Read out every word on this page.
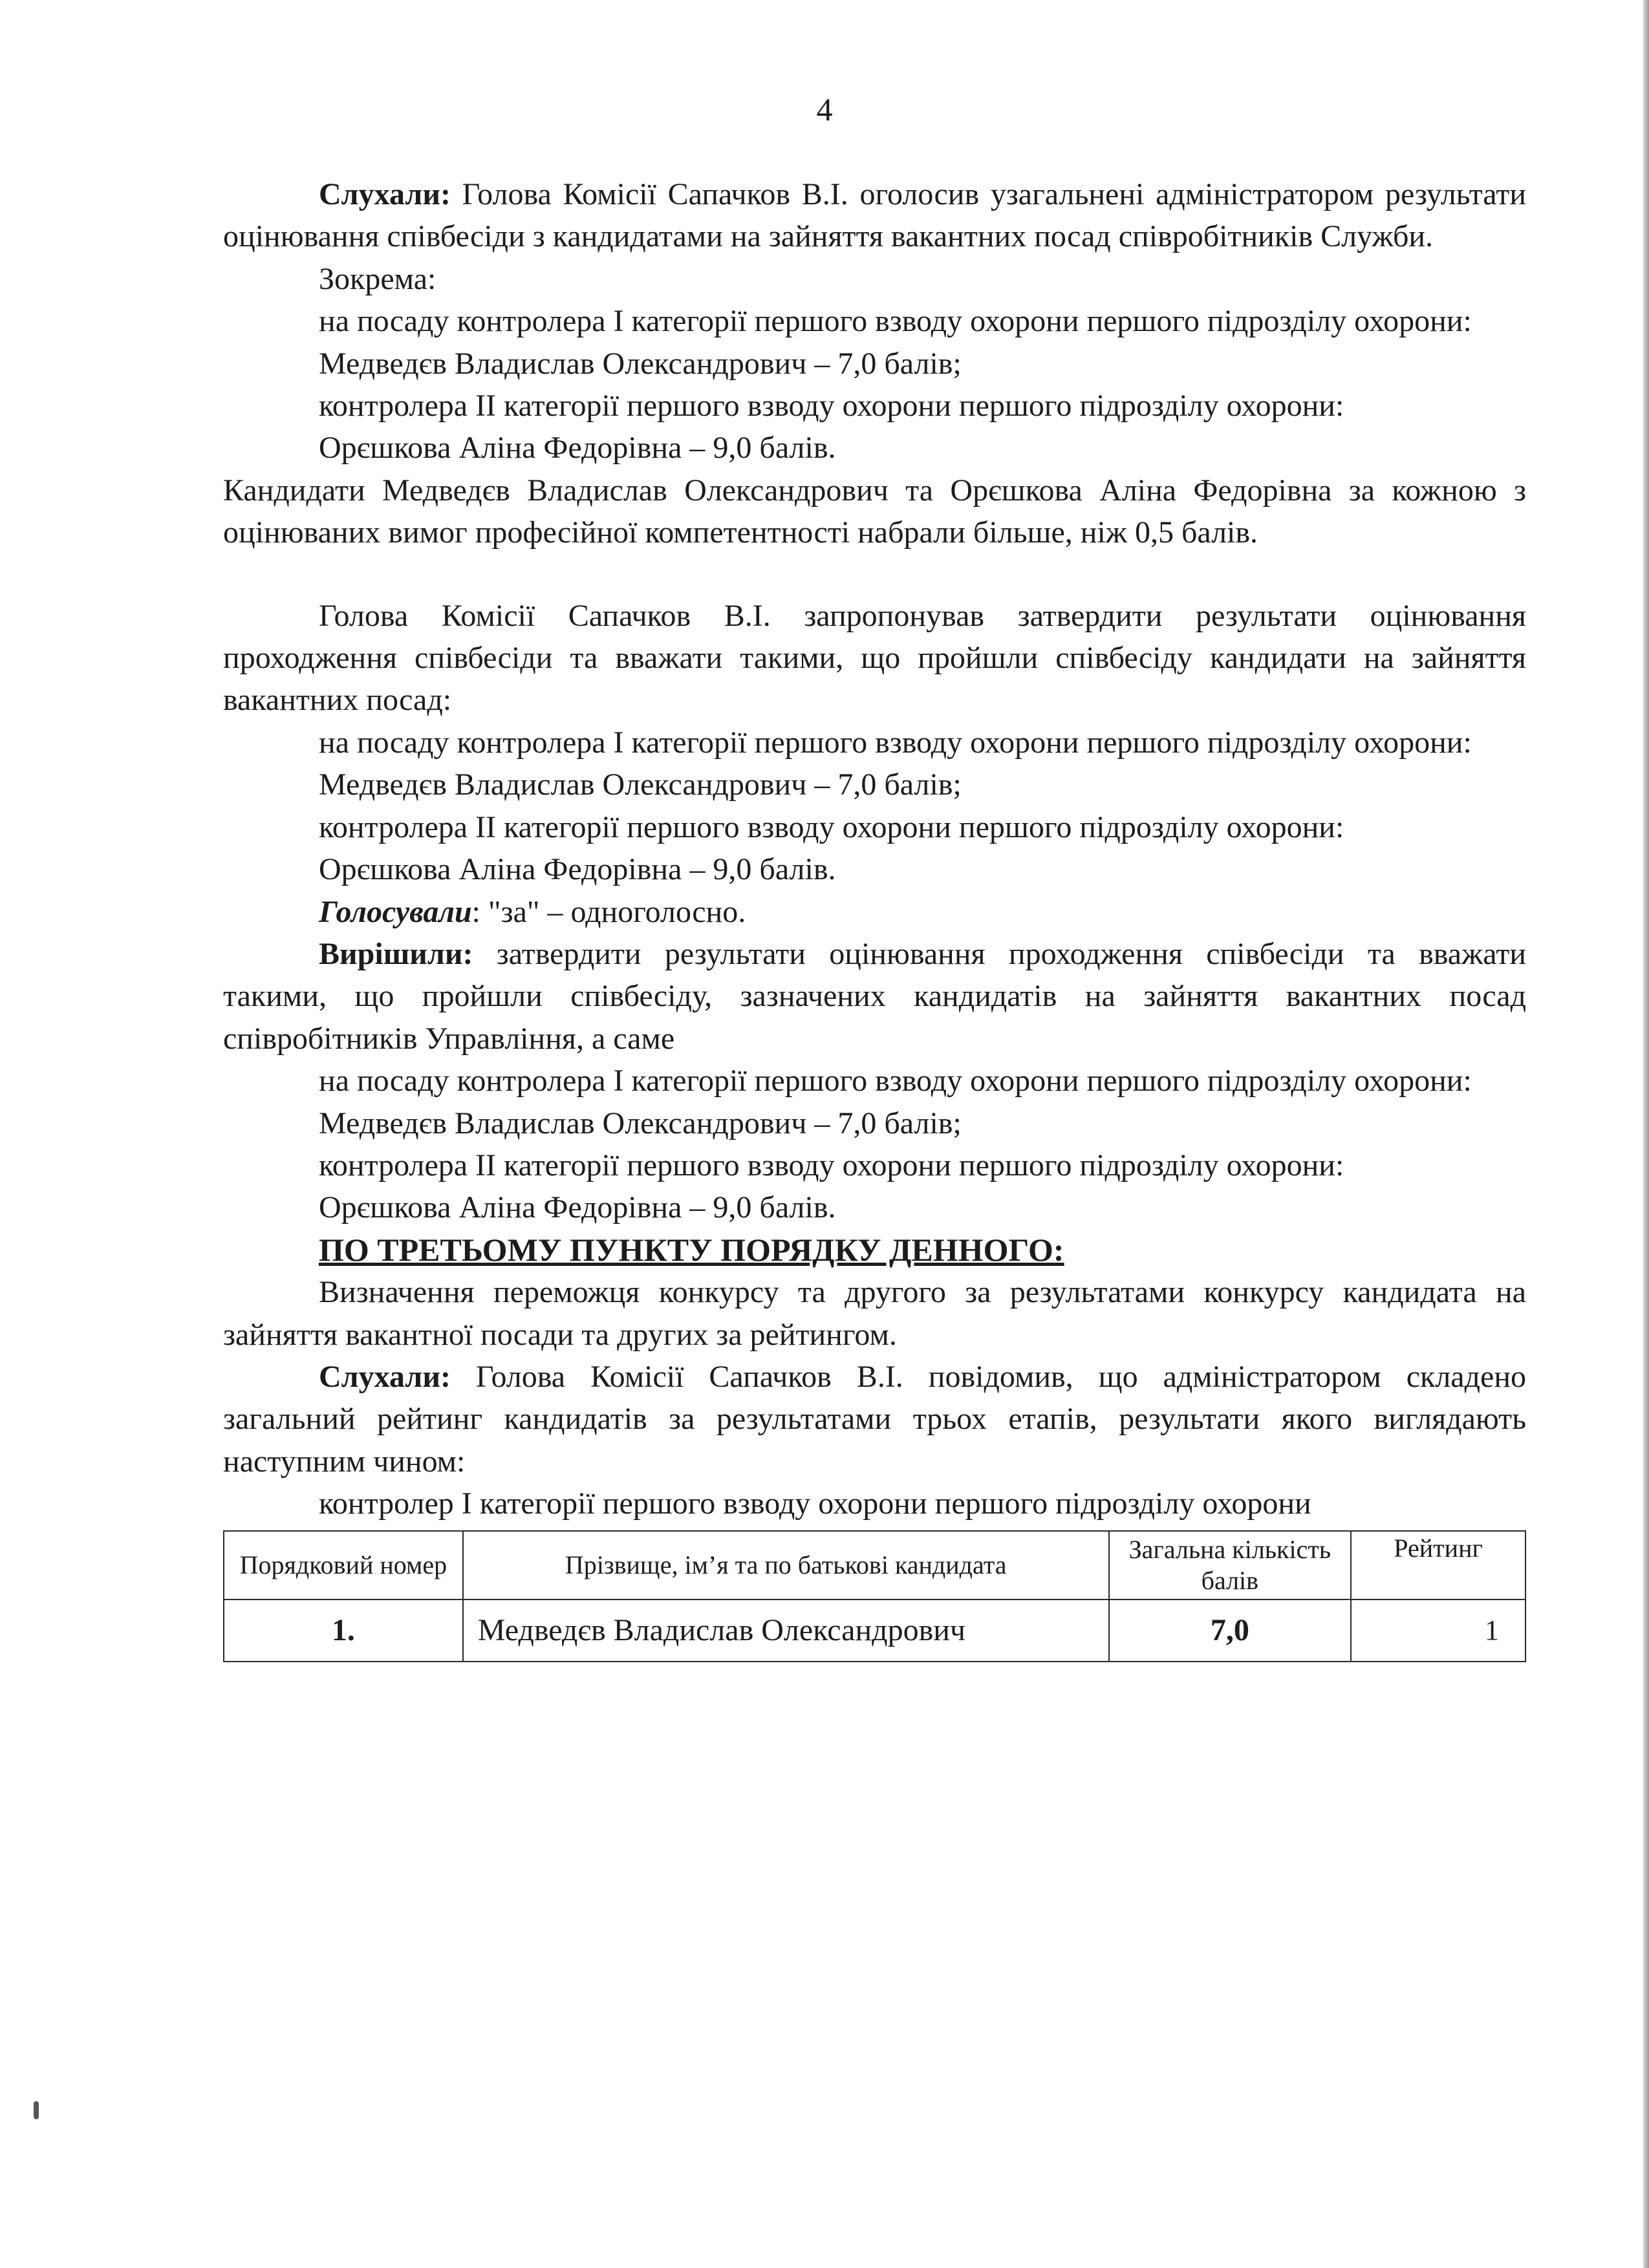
4

Слухали: Голова Комісії Сапачков В.І. оголосив узагальнені адміністратором результати оцінювання співбесіди з кандидатами на зайняття вакантних посад співробітників Служби.

Зокрема:

на посаду контролера І категорії першого взводу охорони першого підрозділу охорони:

Медведєв Владислав Олександрович – 7,0 балів;

контролера ІІ категорії першого взводу охорони першого підрозділу охорони:

Орєшкова Аліна Федорівна – 9,0 балів.

Кандидати Медведєв Владислав Олександрович та Орєшкова Аліна Федорівна за кожною з оцінюваних вимог професійної компетентності набрали більше, ніж 0,5 балів.

Голова Комісії Сапачков В.І. запропонував затвердити результати оцінювання проходження співбесіди та вважати такими, що пройшли співбесіду кандидати на зайняття вакантних посад:

на посаду контролера І категорії першого взводу охорони першого підрозділу охорони:

Медведєв Владислав Олександрович – 7,0 балів;

контролера ІІ категорії першого взводу охорони першого підрозділу охорони:

Орєшкова Аліна Федорівна – 9,0 балів.

Голосували: "за" – одноголосно.

Вирішили: затвердити результати оцінювання проходження співбесіди та вважати такими, що пройшли співбесіду, зазначених кандидатів на зайняття вакантних посад співробітників Управління, а саме

на посаду контролера І категорії першого взводу охорони першого підрозділу охорони:

Медведєв Владислав Олександрович – 7,0 балів;

контролера ІІ категорії першого взводу охорони першого підрозділу охорони:

Орєшкова Аліна Федорівна – 9,0 балів.

ПО ТРЕТЬОМУ ПУНКТУ ПОРЯДКУ ДЕННОГО:

Визначення переможця конкурсу та другого за результатами конкурсу кандидата на зайняття вакантної посади та других за рейтингом.

Слухали: Голова Комісії Сапачков В.І. повідомив, що адміністратором складено загальний рейтинг кандидатів за результатами трьох етапів, результати якого виглядають наступним чином:

контролер І категорії першого взводу охорони першого підрозділу охорони

Порядковий номер	Прізвище, ім’я та по батькові кандидата	Загальна кількість балів	Рейтинг
1.	Медведєв Владислав Олександрович	7,0	1
